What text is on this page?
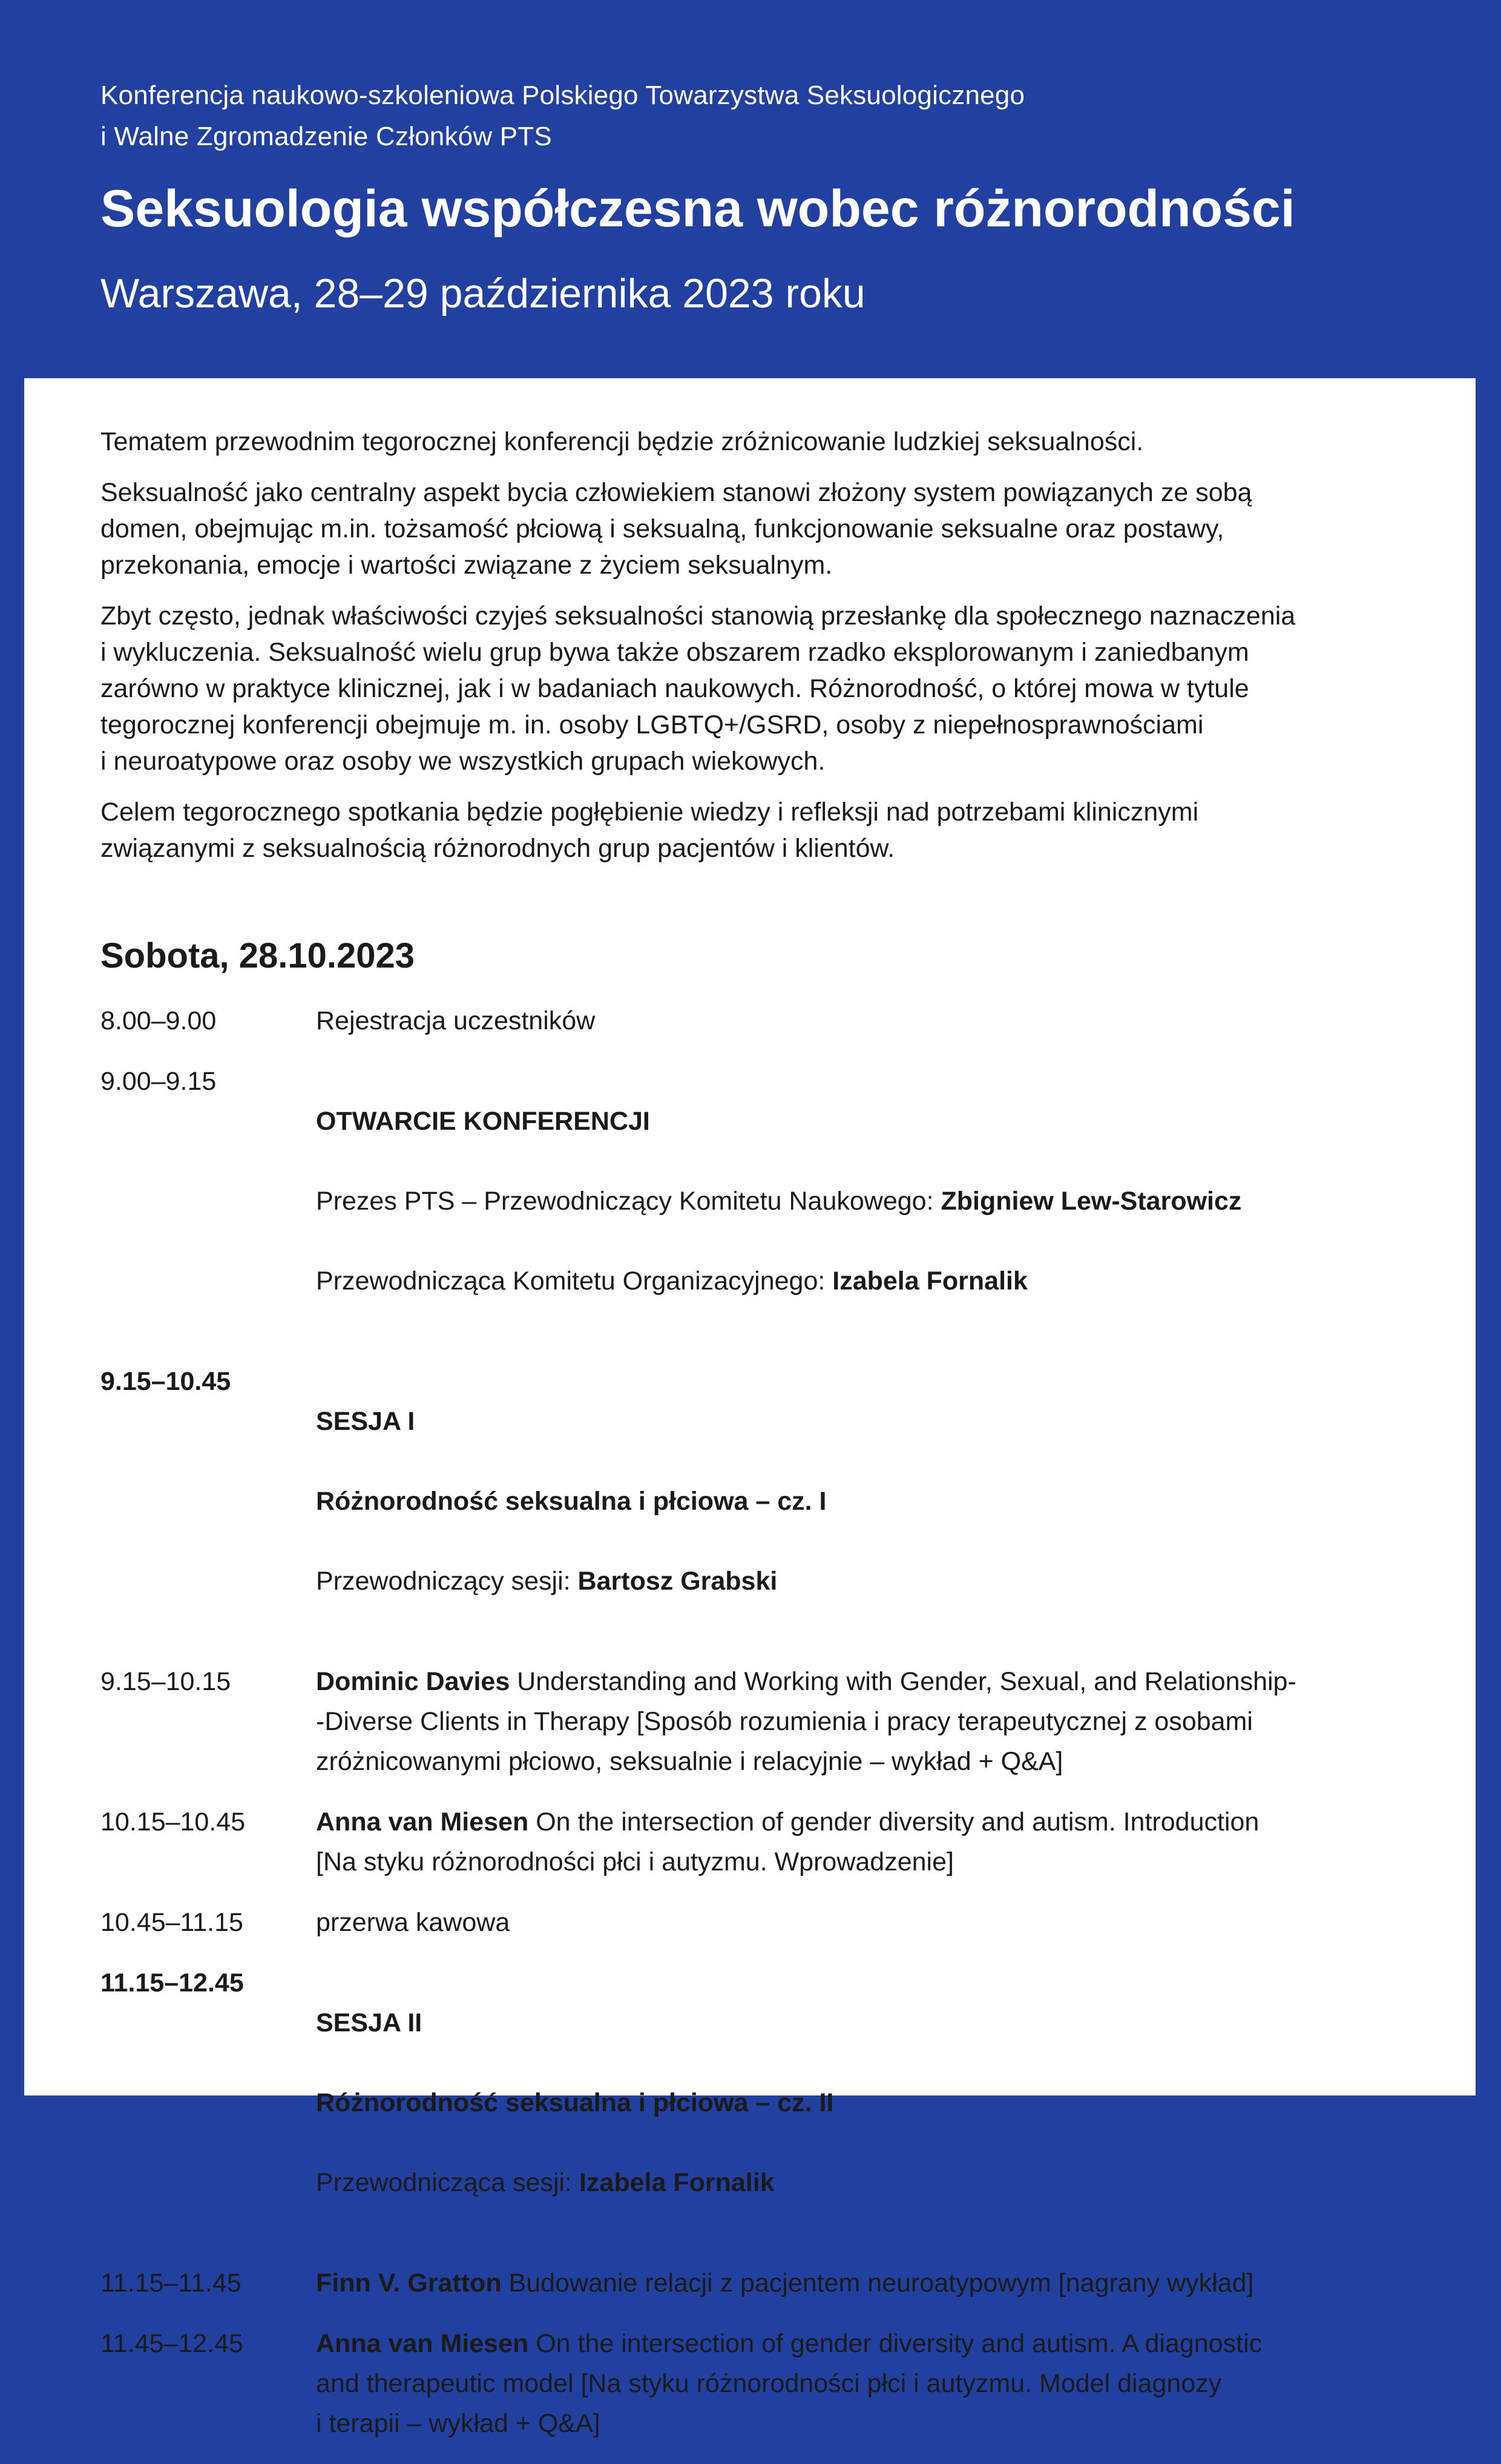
Konferencja naukowo-szkoleniowa Polskiego Towarzystwa Seksuologicznego
i Walne Zgromadzenie Członków PTS
Seksuologia współczesna wobec różnorodności
Warszawa, 28–29 października 2023 roku

Tematem przewodnim tegorocznej konferencji będzie zróżnicowanie ludzkiej seksualności.

Seksualność jako centralny aspekt bycia człowiekiem stanowi złożony system powiązanych ze sobą
domen, obejmując m.in. tożsamość płciową i seksualną, funkcjonowanie seksualne oraz postawy,
przekonania, emocje i wartości związane z życiem seksualnym.

Zbyt często, jednak właściwości czyjeś seksualności stanowią przesłankę dla społecznego naznaczenia
i wykluczenia. Seksualność wielu grup bywa także obszarem rzadko eksplorowanym i zaniedbanym
zarówno w praktyce klinicznej, jak i w badaniach naukowych. Różnorodność, o której mowa w tytule
tegorocznej konferencji obejmuje m. in. osoby LGBTQ+/GSRD, osoby z niepełnosprawnościami
i neuroatypowe oraz osoby we wszystkich grupach wiekowych.

Celem tegorocznego spotkania będzie pogłębienie wiedzy i refleksji nad potrzebami klinicznymi
związanymi z seksualnością różnorodnych grup pacjentów i klientów.

Sobota, 28.10.2023
8.00–9.00	Rejestracja uczestników
9.00–9.15

OTWARCIE KONFERENCJI

Prezes PTS – Przewodniczący Komitetu Naukowego: Zbigniew Lew-Starowicz

Przewodnicząca Komitetu Organizacyjnego: Izabela Fornalik

9.15–10.45

SESJA I

Różnorodność seksualna i płciowa – cz. I

Przewodniczący sesji: Bartosz Grabski

9.15–10.15	Dominic Davies Understanding and Working with Gender, Sexual, and Relationship-
-Diverse Clients in Therapy [Sposób rozumienia i pracy terapeutycznej z osobami
zróżnicowanymi płciowo, seksualnie i relacyjnie – wykład + Q&A]
10.15–10.45	Anna van Miesen On the intersection of gender diversity and autism. Introduction
[Na styku różnorodności płci i autyzmu. Wprowadzenie]
10.45–11.15	przerwa kawowa
11.15–12.45

SESJA II

Różnorodność seksualna i płciowa – cz. II

Przewodnicząca sesji: Izabela Fornalik

11.15–11.45	Finn V. Gratton Budowanie relacji z pacjentem neuroatypowym [nagrany wykład]
11.45–12.45	Anna van Miesen On the intersection of gender diversity and autism. A diagnostic
and therapeutic model [Na styku różnorodności płci i autyzmu. Model diagnozy
i terapii – wykład + Q&A]
